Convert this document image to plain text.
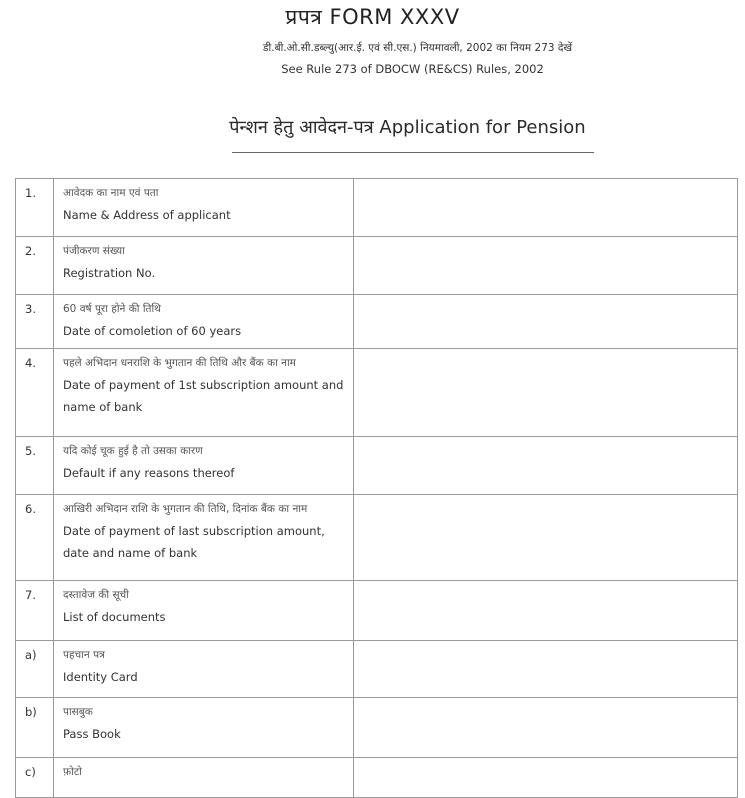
प्रपत्र FORM XXXV
डी.बी.ओ.सी.डब्ल्यु(आर.ई. एवं सी.एस.) नियमावली, 2002 का नियम 273 देखें
See Rule 273 of DBOCW (RE&CS) Rules, 2002
पेन्शन हेतु आवेदन-पत्र Application for Pension
1.	आवेदक का नाम एवं पता
Name & Address of applicant	

2.	पंजीकरण संख्या
Registration No.	

3.	60 वर्ष पूरा होने की तिथि
Date of comoletion of 60 years	

4.	पहले अभिदान धनराशि के भुगतान की तिथि और बैंक का नाम
Date of payment of 1st subscription amount and name of bank	

5.	यदि कोई चूक हुई है तो उसका कारण
Default if any reasons thereof	

6.	आखिरी अभिदान राशि के भुगतान की तिथि, दिनांक बैंक का नाम
Date of payment of last subscription amount, date and name of bank	

7.	दस्तावेज की सूची
List of documents	

a)	पहचान पत्र
Identity Card	

b)	पासबुक
Pass Book	

c)	फ़ोटो	
